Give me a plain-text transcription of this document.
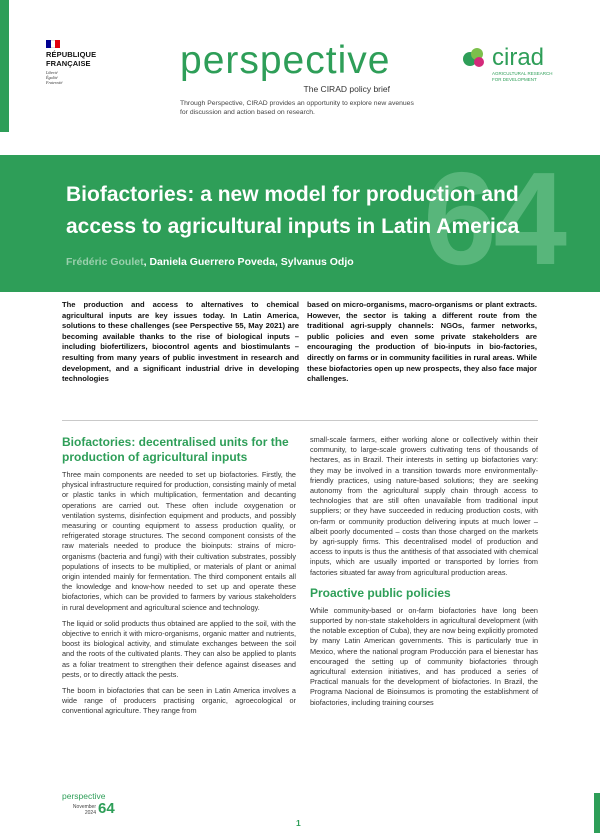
RÉPUBLIQUE
FRANÇAISE
Liberté
Égalité
Fraternité
perspective
The CIRAD policy brief
Through Perspective, CIRAD provides an opportunity to explore new avenues for discussion and action based on research.
cirad
AGRICULTURAL RESEARCH
FOR DEVELOPMENT
64
Biofactories: a new model for production and access to agricultural inputs in Latin America
Frédéric Goulet, Daniela Guerrero Poveda, Sylvanus Odjo
The production and access to alternatives to chemical agricultural inputs are key issues today. In Latin America, solutions to these challenges (see Perspective 55, May 2021) are becoming available thanks to the rise of biological inputs – including biofertilizers, biocontrol agents and biostimulants – resulting from many years of public investment in research and development, and a significant industrial drive in developing technologies
based on micro-organisms, macro-organisms or plant extracts. However, the sector is taking a different route from the traditional agri-supply channels: NGOs, farmer networks, public policies and even some private stakeholders are encouraging the production of bio-inputs in bio-factories, directly on farms or in community facilities in rural areas. While these biofactories open up new prospects, they also face major challenges.
Biofactories: decentralised units for the production of agricultural inputs

Three main components are needed to set up biofactories. Firstly, the physical infrastructure required for production, consisting mainly of metal or plastic tanks in which multiplication, fermentation and decanting operations are carried out. These often include oxygenation or ventilation systems, disinfection equipment and products, and possibly measuring or counting equipment to assess production quality, or refrigerated storage structures. The second component consists of the raw materials needed to produce the bioinputs: strains of micro-organisms (bacteria and fungi) with their cultivation substrates, possibly populations of insects to be multiplied, or materials of plant or animal origin intended mainly for fermentation. The third component entails all the knowledge and know-how needed to set up and operate these biofactories, which can be provided to farmers by various stakeholders in rural development and agricultural science and technology.

The liquid or solid products thus obtained are applied to the soil, with the objective to enrich it with micro-organisms, organic matter and nutrients, boost its biological activity, and stimulate exchanges between the soil and the roots of the cultivated plants. They can also be applied to plants as a foliar treatment to strengthen their defence against diseases and pests, or to directly attack the pests.

The boom in biofactories that can be seen in Latin America involves a wide range of producers practising organic, agroecological or conventional agriculture. They range from

small-scale farmers, either working alone or collectively within their community, to large-scale growers cultivating tens of thousands of hectares, as in Brazil. Their interests in setting up biofactories vary: they may be involved in a transition towards more environmentally-friendly practices, using nature-based solutions; they are seeking autonomy from the agricultural supply chain through access to technologies that are still often unavailable from traditional input suppliers; or they have succeeded in reducing production costs, with on-farm or community production delivering inputs at much lower – albeit poorly documented – costs than those charged on the markets by agri-supply firms. This decentralised model of production and access to inputs is thus the antithesis of that associated with chemical inputs, which are usually imported or transported by lorries from factories situated far away from agricultural production areas.

Proactive public policies

While community-based or on-farm biofactories have long been supported by non-state stakeholders in agricultural development (with the notable exception of Cuba), they are now being explicitly promoted by many Latin American governments. This is particularly true in Mexico, where the national program Producción para el bienestar has encouraged the setting up of community biofactories through agricultural extension initiatives, and has produced a series of Practical manuals for the development of biofactories. In Brazil, the Programa Nacional de Bioinsumos is promoting the establishment of biofactories, including training courses

perspective
November
2024 64
1
